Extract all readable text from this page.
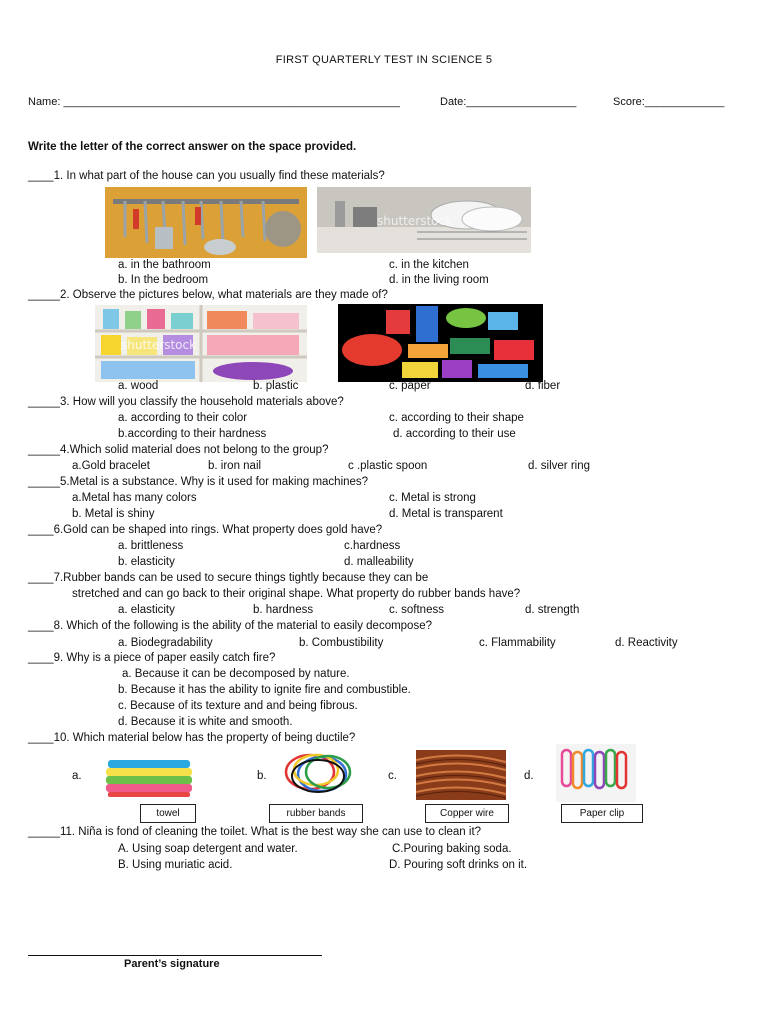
FIRST QUARTERLY TEST IN SCIENCE 5
Name: _______________________________________________________	Date:__________________	Score:_____________
Write the letter of the correct answer on the space provided.
____1. In what part of the house can you usually find these materials?
shutterstock
a. in the bathroom
b. In the bedroom
c. in the kitchen
d. in the living room
_____2. Observe the pictures below, what materials are they made of?
shutterstock
a. wood	b. plastic	c. paper	d. fiber
_____3. How will you classify the household materials above?
a. according to their color
b.according to their hardness
c. according to their shape
d. according to their use
_____4.Which solid material does not belong to the group?
a.Gold bracelet	b. iron nail	c .plastic spoon	d. silver ring
_____5.Metal is a substance. Why is it used for making machines?
a.Metal has many colors
b. Metal is shiny
c. Metal is strong
d. Metal is transparent
____6.Gold can be shaped into rings. What property does gold have?
a. brittleness
b. elasticity
c.hardness
d. malleability
____7.Rubber bands can be used to secure things tightly because they can be
stretched and can go back to their original shape. What property do rubber bands have?
a. elasticity	b. hardness	c. softness	d. strength
____8. Which of the following is the ability of the material to easily decompose?
a. Biodegradability	b. Combustibility	c. Flammability	d. Reactivity
____9. Why is a piece of paper easily catch fire?
a. Because it can be decomposed by nature.
b. Because it has the ability to ignite fire and combustible.
c. Because of its texture and and being fibrous.
d. Because it is white and smooth.
____10. Which material below has the property of being ductile?
a.
towel
b.
rubber bands
c.
Copper wire
d.
Paper clip
_____11. Niña is fond of cleaning the toilet. What is the best way she can use to clean it?
A. Using soap detergent and water.
B. Using muriatic acid.
C.Pouring baking soda.
D. Pouring soft drinks on it.
Parent’s signature
